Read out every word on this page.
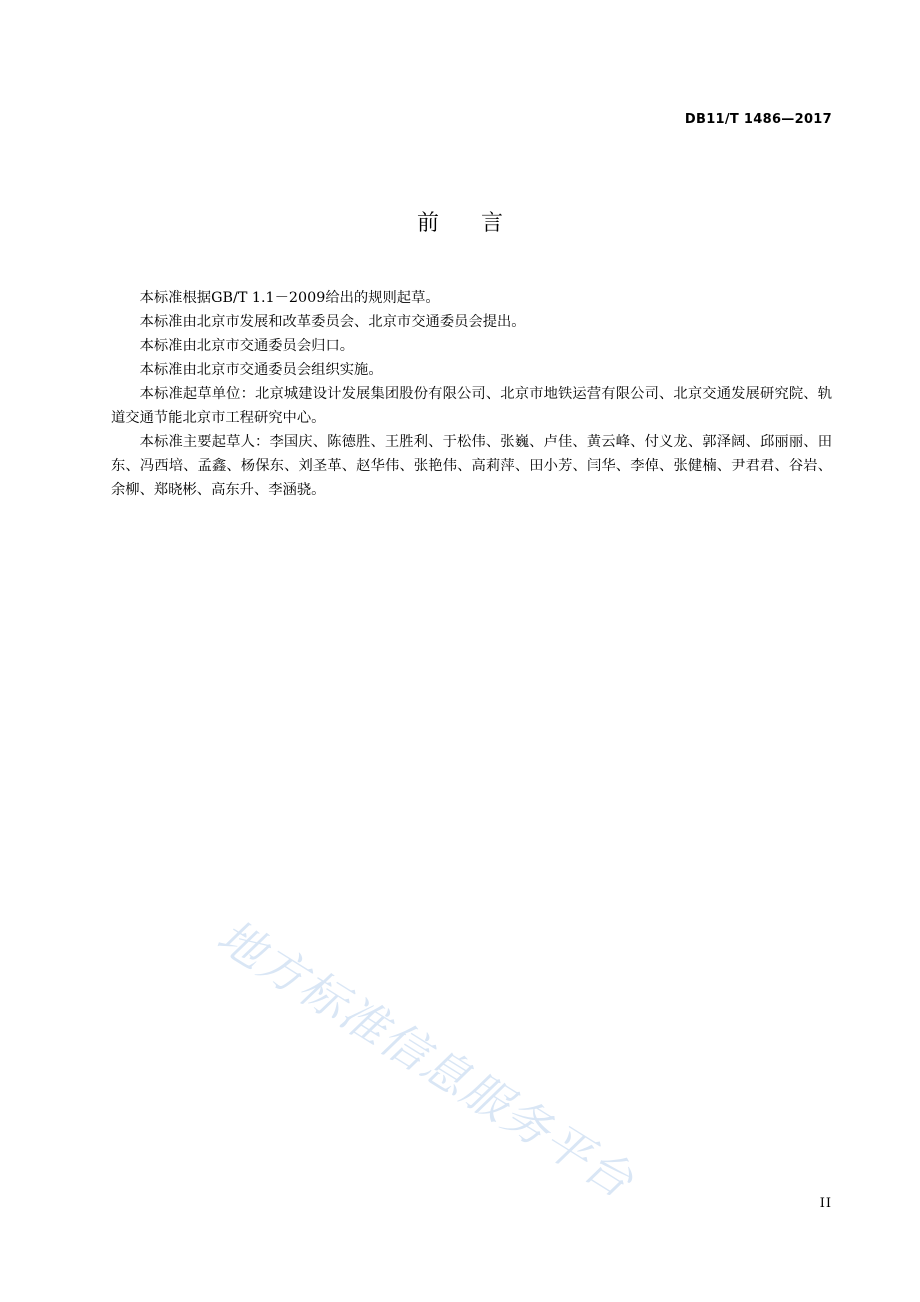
DB11/T 1486—2017
前言

本标准根据GB/T 1.1－2009给出的规则起草。

本标准由北京市发展和改革委员会、北京市交通委员会提出。

本标准由北京市交通委员会归口。

本标准由北京市交通委员会组织实施。

本标准起草单位：北京城建设计发展集团股份有限公司、北京市地铁运营有限公司、北京交通发展研究院、轨道交通节能北京市工程研究中心。

本标准主要起草人：李国庆、陈德胜、王胜利、于松伟、张巍、卢佳、黄云峰、付义龙、郭泽阔、邱丽丽、田东、冯西培、孟鑫、杨保东、刘圣革、赵华伟、张艳伟、高莉萍、田小芳、闫华、李倬、张健楠、尹君君、谷岩、余柳、郑晓彬、高东升、李涵骁。

地方标准信息服务平台	II
